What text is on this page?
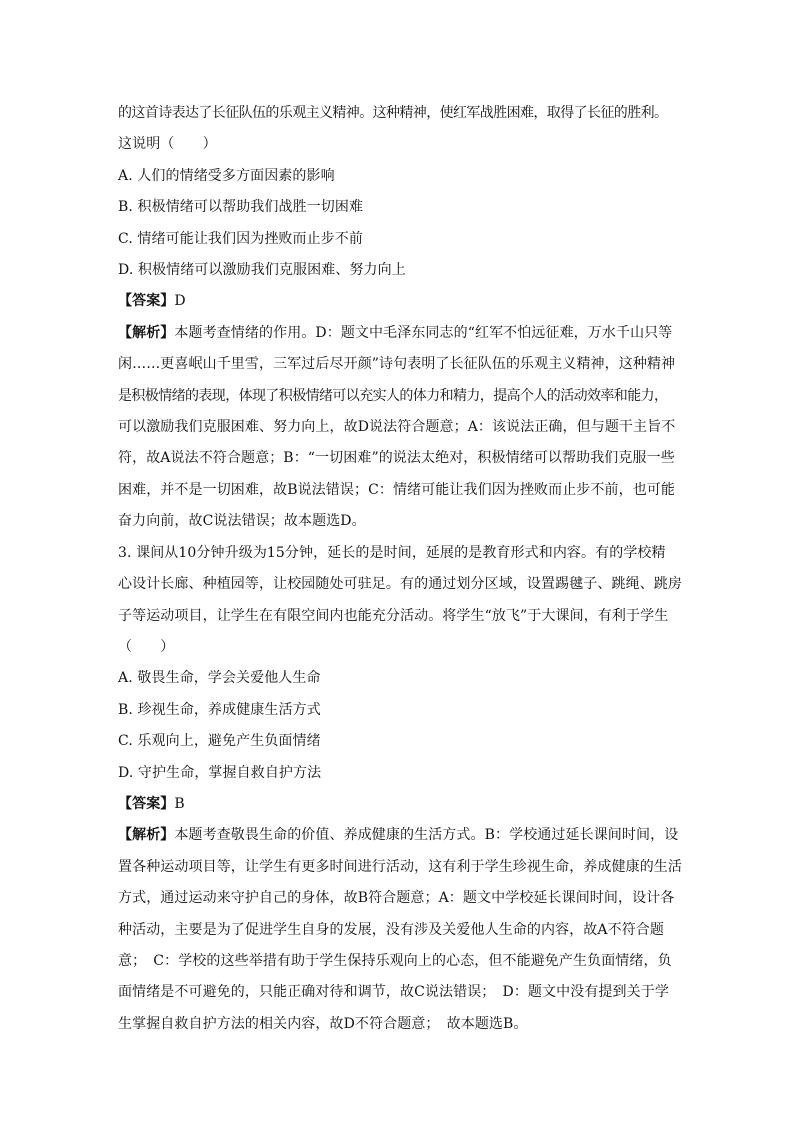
的这首诗表达了长征队伍的乐观主义精神。这种精神，使红军战胜困难，取得了长征的胜利。
这说明（　　）
A. 人们的情绪受多方面因素的影响
B. 积极情绪可以帮助我们战胜一切困难
C. 情绪可能让我们因为挫败而止步不前
D. 积极情绪可以激励我们克服困难、努力向上
【答案】D
【解析】本题考查情绪的作用。D：题文中毛泽东同志的“红军不怕远征难，万水千山只等
闲……更喜岷山千里雪，三军过后尽开颜”诗句表明了长征队伍的乐观主义精神，这种精神
是积极情绪的表现，体现了积极情绪可以充实人的体力和精力，提高个人的活动效率和能力，
可以激励我们克服困难、努力向上，故D说法符合题意；A：该说法正确，但与题干主旨不
符，故A说法不符合题意；B：“一切困难”的说法太绝对，积极情绪可以帮助我们克服一些
困难，并不是一切困难，故B说法错误；C：情绪可能让我们因为挫败而止步不前，也可能
奋力向前，故C说法错误；故本题选D。
3. 课间从10分钟升级为15分钟，延长的是时间，延展的是教育形式和内容。有的学校精
心设计长廊、种植园等，让校园随处可驻足。有的通过划分区域，设置踢毽子、跳绳、跳房
子等运动项目，让学生在有限空间内也能充分活动。将学生“放飞”于大课间，有利于学生
（　　）
A. 敬畏生命，学会关爱他人生命
B. 珍视生命，养成健康生活方式
C. 乐观向上，避免产生负面情绪
D. 守护生命，掌握自救自护方法
【答案】B
【解析】本题考查敬畏生命的价值、养成健康的生活方式。B：学校通过延长课间时间，设
置各种运动项目等，让学生有更多时间进行活动，这有利于学生珍视生命，养成健康的生活
方式，通过运动来守护自己的身体，故B符合题意；A：题文中学校延长课间时间，设计各
种活动，主要是为了促进学生自身的发展，没有涉及关爱他人生命的内容，故A不符合题
意；　C：学校的这些举措有助于学生保持乐观向上的心态，但不能避免产生负面情绪，负
面情绪是不可避免的，只能正确对待和调节，故C说法错误；　D：题文中没有提到关于学
生掌握自救自护方法的相关内容，故D不符合题意；　故本题选B。
